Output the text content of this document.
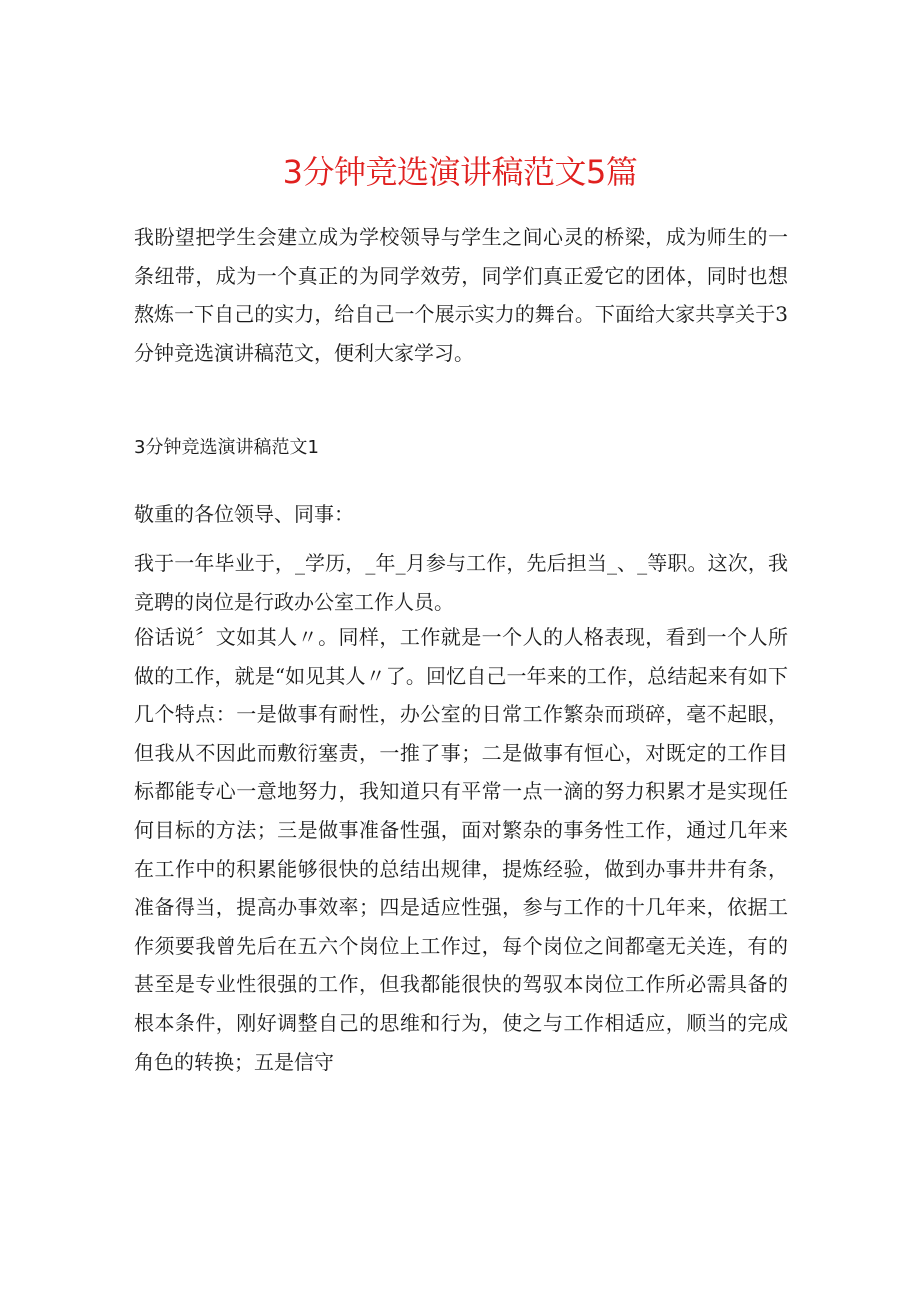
3分钟竞选演讲稿范文5篇
我盼望把学生会建立成为学校领导与学生之间心灵的桥梁，成为师生的一条纽带，成为一个真正的为同学效劳，同学们真正爱它的团体，同时也想熬炼一下自己的实力，给自己一个展示实力的舞台。下面给大家共享关于3分钟竞选演讲稿范文，便利大家学习。
3分钟竞选演讲稿范文1
敬重的各位领导、同事：
我于一年毕业于，_学历，_年_月参与工作，先后担当_、_等职。这次，我竞聘的岗位是行政办公室工作人员。
俗话说〞文如其人〃。同样，工作就是一个人的人格表现，看到一个人所做的工作，就是“如见其人〃了。回忆自己一年来的工作，总结起来有如下几个特点：一是做事有耐性，办公室的日常工作繁杂而琐碎，毫不起眼，但我从不因此而敷衍塞责，一推了事；二是做事有恒心，对既定的工作目标都能专心一意地努力，我知道只有平常一点一滴的努力积累才是实现任何目标的方法；三是做事准备性强，面对繁杂的事务性工作，通过几年来在工作中的积累能够很快的总结出规律，提炼经验，做到办事井井有条，准备得当，提高办事效率；四是适应性强，参与工作的十几年来，依据工作须要我曾先后在五六个岗位上工作过，每个岗位之间都毫无关连，有的甚至是专业性很强的工作，但我都能很快的驾驭本岗位工作所必需具备的根本条件，刚好调整自己的思维和行为，使之与工作相适应，顺当的完成角色的转换；五是信守
